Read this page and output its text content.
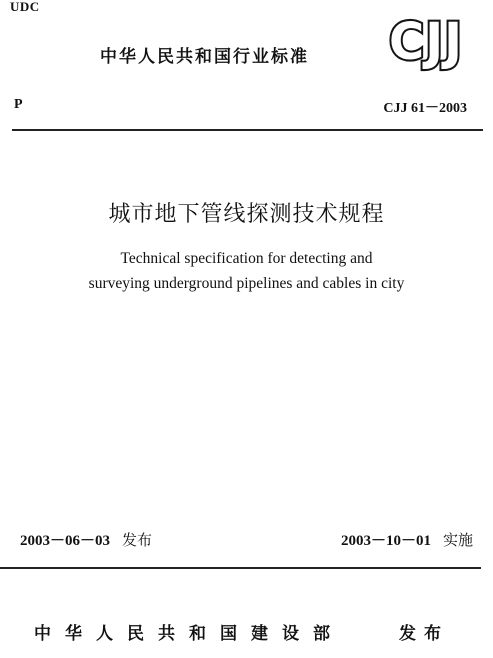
UDC
中华人民共和国行业标准 CJJ
P	CJJ 61－2003
城市地下管线探测技术规程
Technical specification for detecting and
surveying underground pipelines and cables in city
2003－06－03 发布	2003－10－01 实施
中华人民共和国建设部	发布
